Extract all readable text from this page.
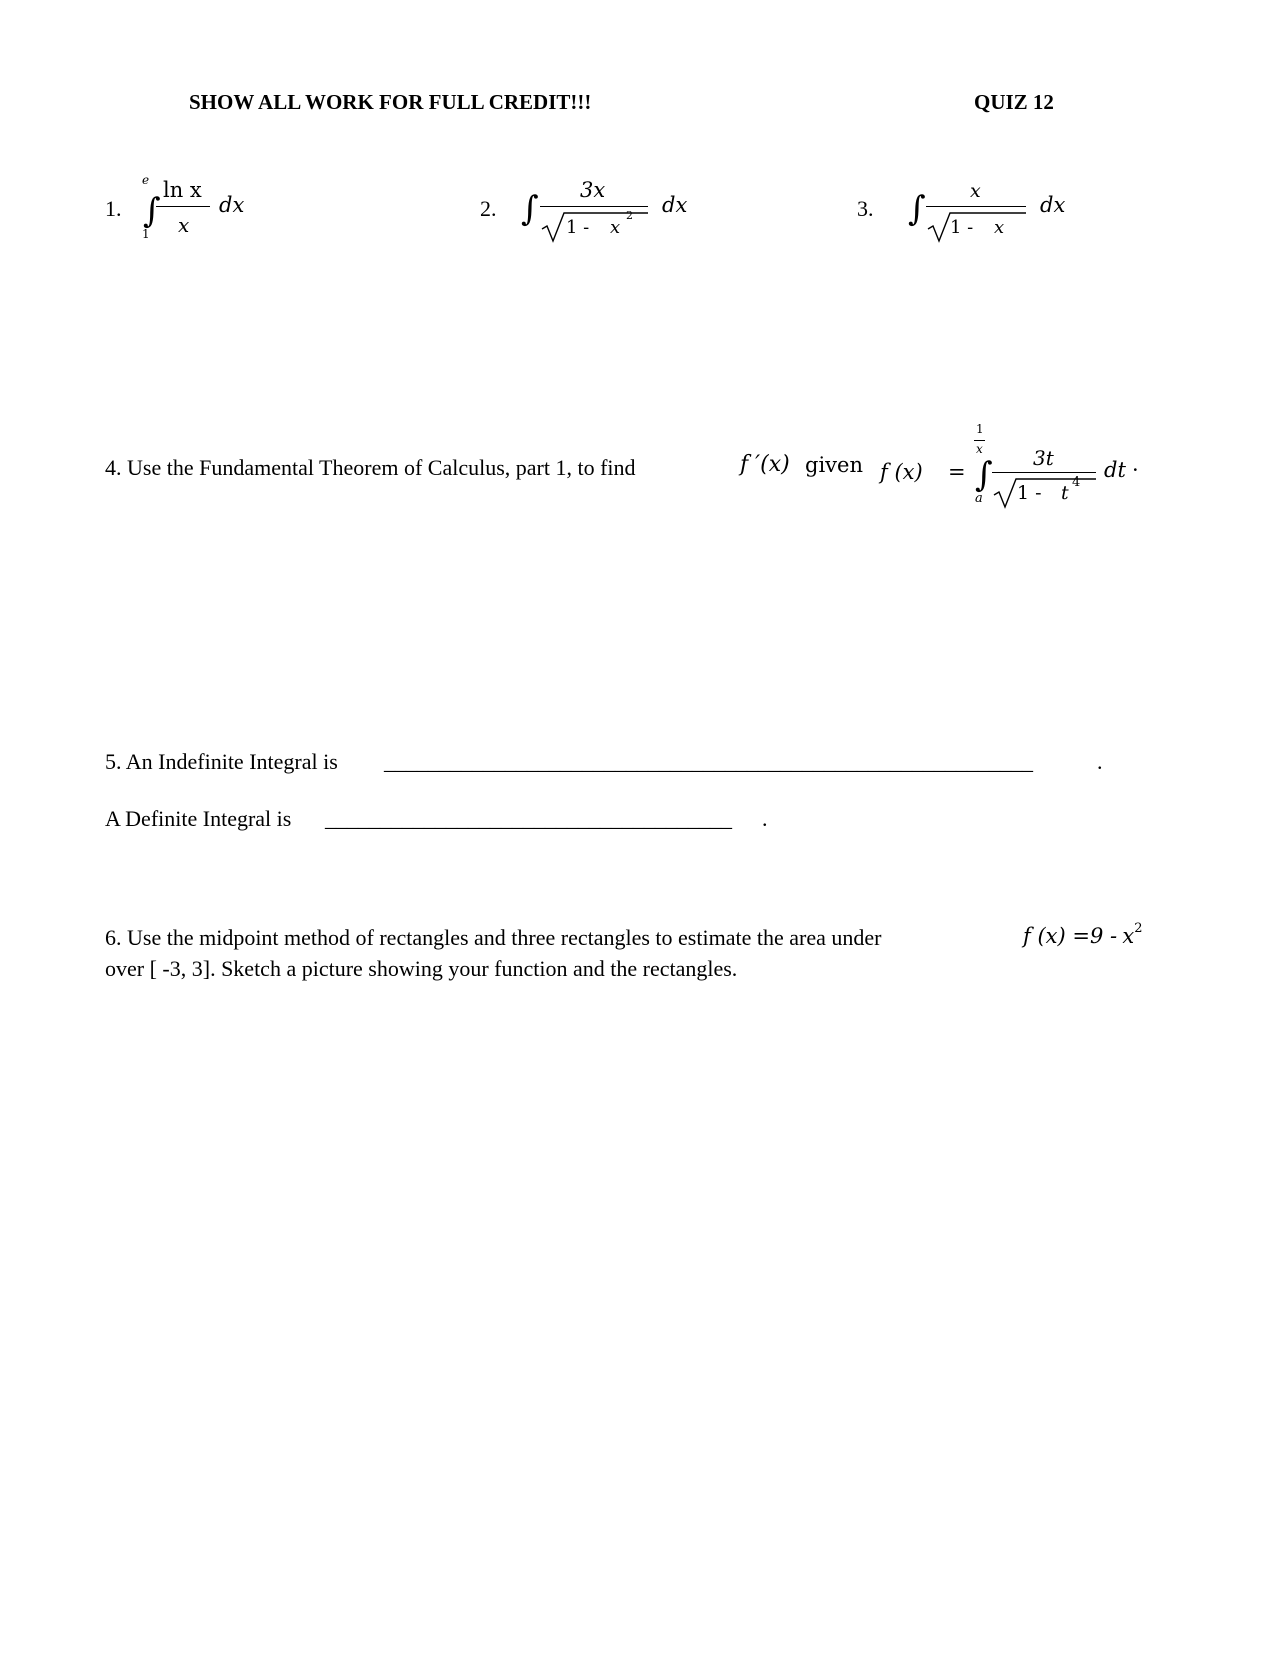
SHOW ALL WORK FOR FULL CREDIT!!!	QUIZ 12
1.
e
∫
1
ln x
x
dx	2. ∫ 3x
1 - x
2 dx	3. ∫ x
1 - x
dx
4. Use the Fundamental Theorem of Calculus, part 1, to find	f ′(x) given f (x) =
1
x
∫
a
3t
1 - t 4
dt ·
5. An Indefinite Integral is ___________________________________________________________	.
A Definite Integral is _____________________________________ .
6. Use the midpoint method of rectangles and three rectangles to estimate the area under	f $(x) =9 - x^2$
over [ -3, 3]. Sketch a picture showing your function and the rectangles.
